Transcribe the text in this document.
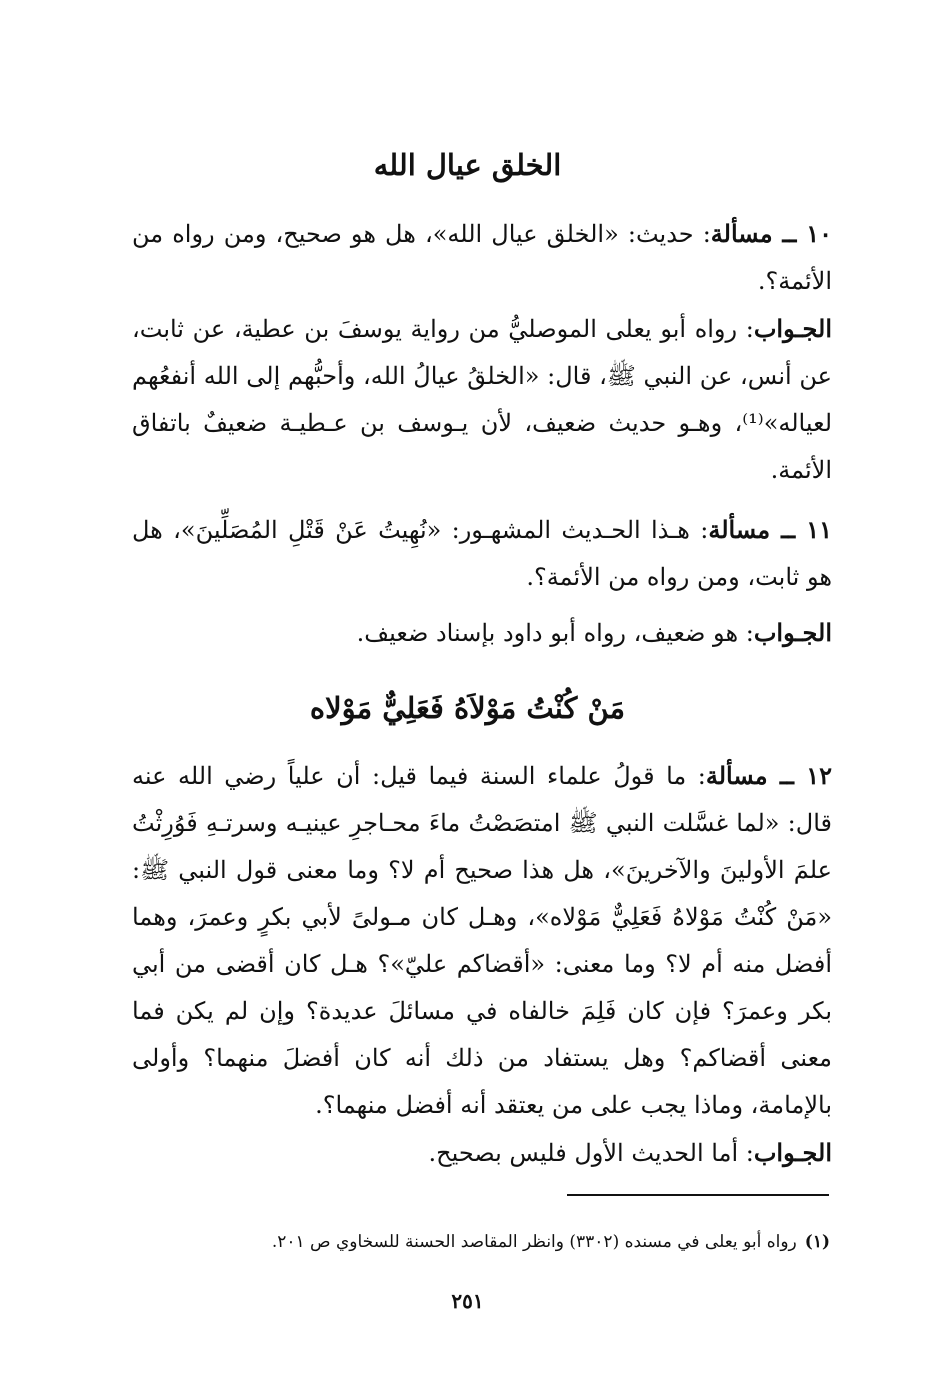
الخلق عيال الله

١٠ ــ مسألة: حديث: «الخلق عيال الله»، هل هو صحيح، ومن رواه من الأئمة؟.

الجـواب: رواه أبو يعلى الموصليُّ من رواية يوسفَ بن عطية، عن ثابت، عن أنس، عن النبي ﷺ، قال: «الخلقُ عيالُ الله، وأحبُّهم إلى الله أنفعُهم لعياله»⁽¹⁾، وهـو حديث ضعيف، لأن يـوسف بن عـطيـة ضعيفٌ باتفاق الأئمة.

١١ ــ مسألة: هـذا الحـديث المشهـور: «نُهِيتُ عَنْ قَتْلِ المُصَلِّينَ»، هل هو ثابت، ومن رواه من الأئمة؟.

الجـواب: هو ضعيف، رواه أبو داود بإسناد ضعيف.

مَنْ كُنْتُ مَوْلاَهُ فَعَلِيٌّ مَوْلاه

١٢ ــ مسألة: ما قولُ علماء السنة فيما قيل: أن علياً رضي الله عنه قال: «لما غسَّلت النبي ﷺ امتصَصْتُ ماءَ محـاجرِ عينيـه وسرتـهِ فَوُرِثْتُ علمَ الأولينَ والآخرينَ»، هل هذا صحيح أم لا؟ وما معنى قول النبي ﷺ: «مَنْ كُنْتُ مَوْلاهُ فَعَلِيٌّ مَوْلاه»، وهـل كان مـولىً لأبي بكرٍ وعمرَ، وهما أفضل منه أم لا؟ وما معنى: «أقضاكم عليّ»؟ هـل كان أقضى من أبي بكر وعمرَ؟ فإن كان فَلِمَ خالفاه في مسائلَ عديدة؟ وإن لم يكن فما معنى أقضاكم؟ وهل يستفاد من ذلك أنه كان أفضلَ منهما؟ وأولى بالإمامة، وماذا يجب على من يعتقد أنه أفضل منهما؟.

الجـواب: أما الحديث الأول فليس بصحيح.

(١)رواه أبو يعلى في مسنده (٣٣٠٢) وانظر المقاصد الحسنة للسخاوي ص ٢٠١.
٢٥١
